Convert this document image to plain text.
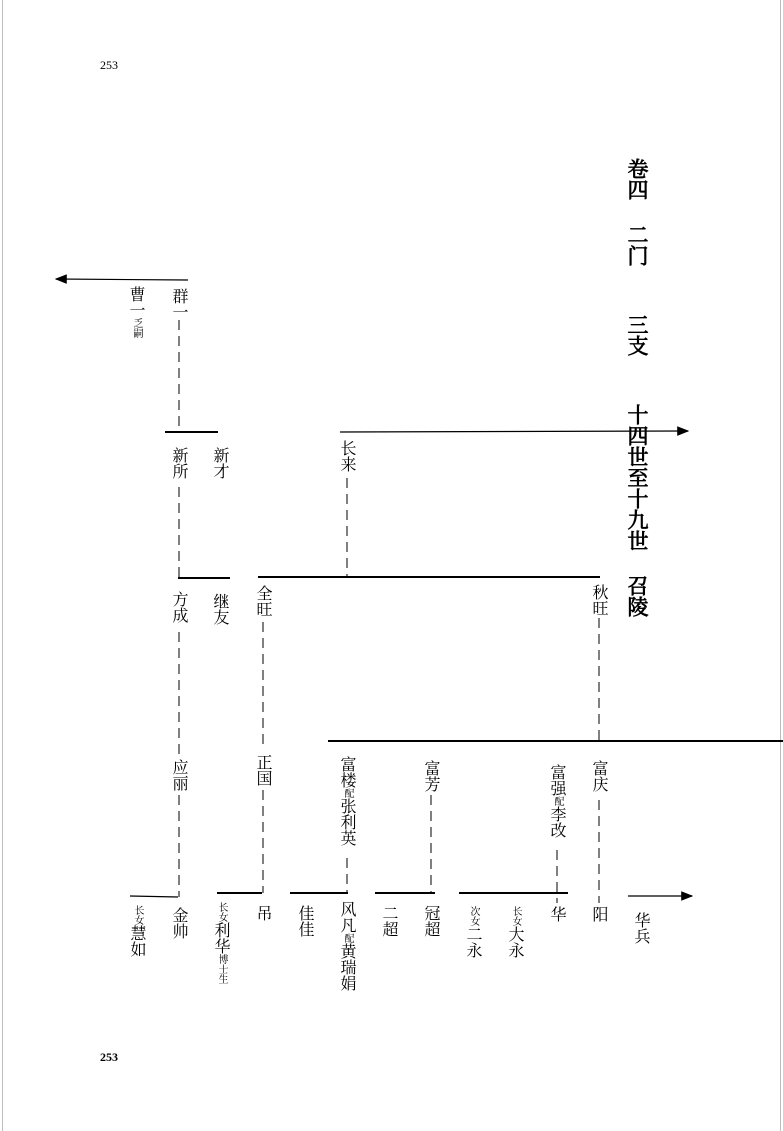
253
253
卷四 二门  三支  十四世至十九世 召陵
曹一乏嗣
群一
新所 新才	长来
方成 继友 全旺	秋旺
应丽	正国	富楼配张利英
富芳	富强配李改
富庆
长女慧如
金帅	长女利华博士生
吊 佳佳 风凡配黄瑞娟
二超 冠超	次女二永
长女大永
华 阳 华兵
